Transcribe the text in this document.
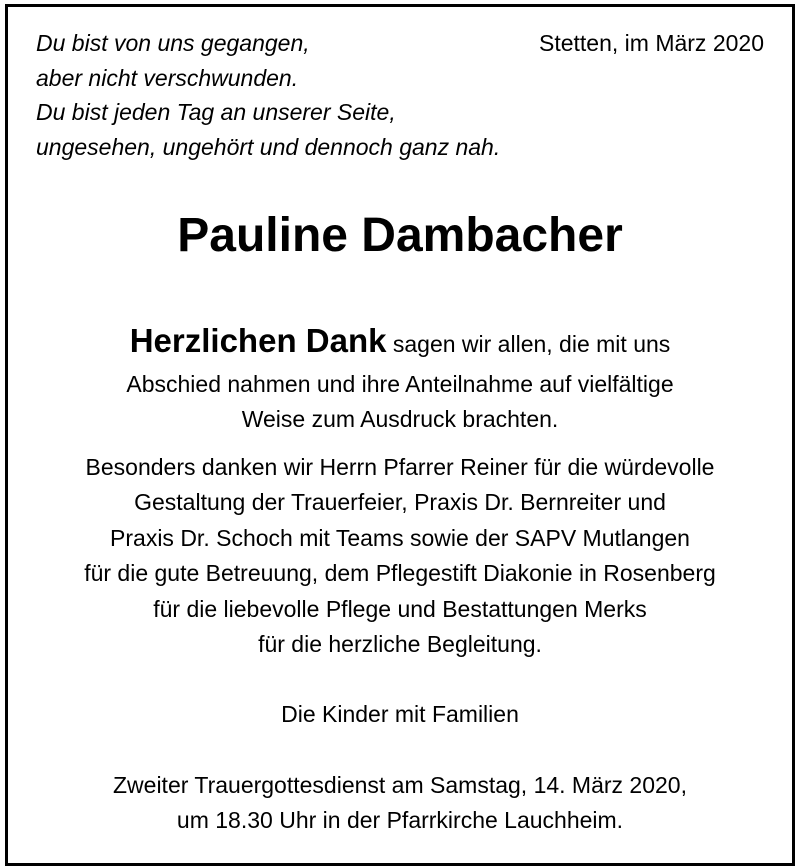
Du bist von uns gegangen,
aber nicht verschwunden.
Du bist jeden Tag an unserer Seite,
ungesehen, ungehört und dennoch ganz nah.
Stetten, im März 2020
Pauline Dambacher
Herzlichen Dank sagen wir allen, die mit uns
Abschied nahmen und ihre Anteilnahme auf vielfältige
Weise zum Ausdruck brachten.
Besonders danken wir Herrn Pfarrer Reiner für die würdevolle
Gestaltung der Trauerfeier, Praxis Dr. Bernreiter und
Praxis Dr. Schoch mit Teams sowie der SAPV Mutlangen
für die gute Betreuung, dem Pflegestift Diakonie in Rosenberg
für die liebevolle Pflege und Bestattungen Merks
für die herzliche Begleitung.
Die Kinder mit Familien
Zweiter Trauergottesdienst am Samstag, 14. März 2020,
um 18.30 Uhr in der Pfarrkirche Lauchheim.
